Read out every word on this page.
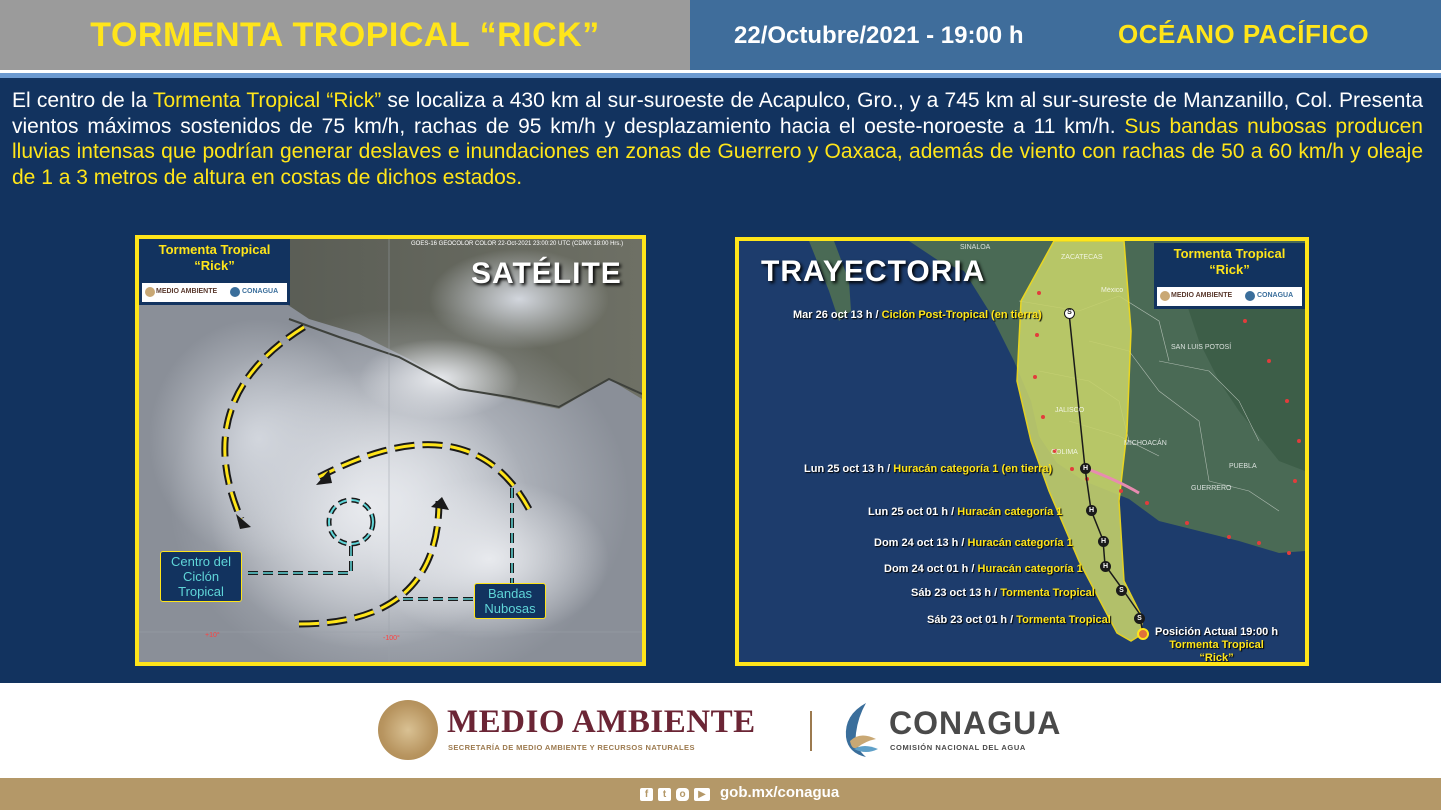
TORMENTA TROPICAL “RICK”	22/Octubre/2021 - 19:00 h	OCÉANO PACÍFICO
El centro de la Tormenta Tropical “Rick” se localiza a 430 km al sur-suroeste de Acapulco, Gro., y a 745 km al sur-sureste de Manzanillo, Col. Presenta vientos máximos sostenidos de 75 km/h, rachas de 95 km/h y desplazamiento hacia el oeste-noroeste a 11 km/h. Sus bandas nubosas producen lluvias intensas que podrían generar deslaves e inundaciones en zonas de Guerrero y Oaxaca, además de viento con rachas de 50 a 60 km/h y oleaje de 1 a 3 metros de altura en costas de dichos estados.
GOES-16 GEOCOLOR COLOR 22-Oct-2021 23:00:20 UTC (CDMX 18:00 Hrs.)
SATÉLITE
Tormenta Tropical
“Rick”
MEDIO AMBIENTE	CONAGUA
Centro del
Ciclón
Tropical	Bandas
Nubosas
+10°	-100°
SINALOA
ZACATECAS
México
SAN LUIS POTOSÍ
JALISCO
COLIMA
MICHOACÁN
GUERRERO
PUEBLA
TRAYECTORIA
Tormenta Tropical
“Rick”
MEDIO AMBIENTE	CONAGUA
Mar 26 oct 13 h / Ciclón Post-Tropical (en tierra)
Lun 25 oct 13 h / Huracán categoría 1 (en tierra)
Lun 25 oct 01 h / Huracán categoría 1
Dom 24 oct 13 h / Huracán categoría 1
Dom 24 oct 01 h / Huracán categoría 1
Sáb 23 oct 13 h / Tormenta Tropical
Sáb 23 oct 01 h / Tormenta Tropical
S
H
H
H
H
S
S
Posición Actual 19:00 h
Tormenta Tropical
“Rick”
MEDIO AMBIENTE
SECRETARÍA DE MEDIO AMBIENTE Y RECURSOS NATURALES
CONAGUA
COMISIÓN NACIONAL DEL AGUA
f	t	o	▶ gob.mx/conagua
